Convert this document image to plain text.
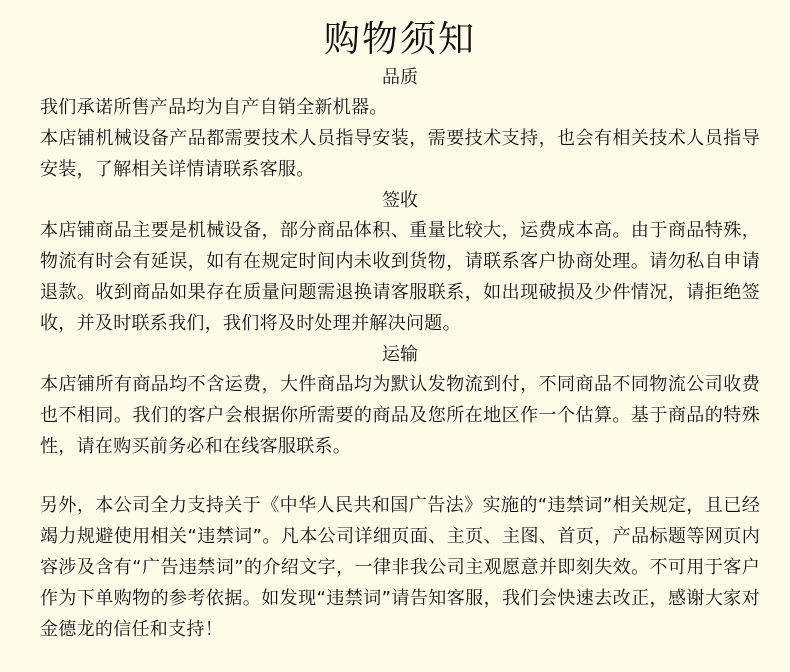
购物须知
品质

我们承诺所售产品均为自产自销全新机器。

本店铺机械设备产品都需要技术人员指导安装，需要技术支持，也会有相关技术人员指导安装，了解相关详情请联系客服。

签收

本店铺商品主要是机械设备，部分商品体积、重量比较大，运费成本高。由于商品特殊，物流有时会有延误，如有在规定时间内未收到货物，请联系客户协商处理。请勿私自申请退款。收到商品如果存在质量问题需退换请客服联系，如出现破损及少件情况，请拒绝签收，并及时联系我们，我们将及时处理并解决问题。

运输

本店铺所有商品均不含运费，大件商品均为默认发物流到付，不同商品不同物流公司收费也不相同。我们的客户会根据你所需要的商品及您所在地区作一个估算。基于商品的特殊性，请在购买前务必和在线客服联系。

另外，本公司全力支持关于《中华人民共和国广告法》实施的“违禁词”相关规定，且已经竭力规避使用相关“违禁词”。凡本公司详细页面、主页、主图、首页，产品标题等网页内容涉及含有“广告违禁词”的介绍文字，一律非我公司主观愿意并即刻失效。不可用于客户作为下单购物的参考依据。如发现“违禁词”请告知客服，我们会快速去改正，感谢大家对金德龙的信任和支持！
